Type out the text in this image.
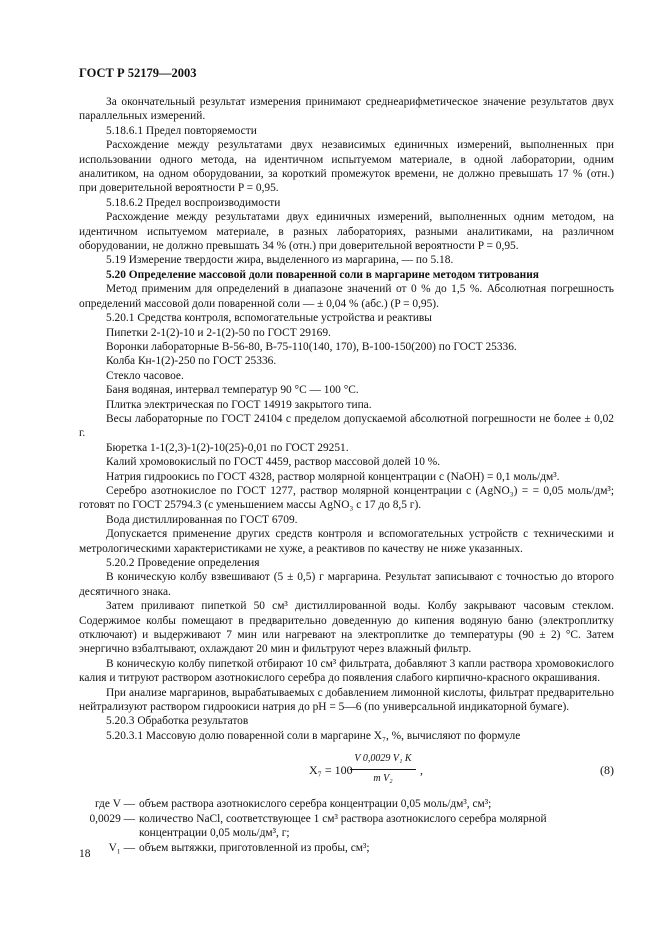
ГОСТ Р 52179—2003

За окончательный результат измерения принимают среднеарифметическое значение результатов двух параллельных измерений.

5.18.6.1 Предел повторяемости

Расхождение между результатами двух независимых единичных измерений, выполненных при использовании одного метода, на идентичном испытуемом материале, в одной лаборатории, одним аналитиком, на одном оборудовании, за короткий промежуток времени, не должно превышать 17 % (отн.) при доверительной вероятности P = 0,95.

5.18.6.2 Предел воспроизводимости

Расхождение между результатами двух единичных измерений, выполненных одним методом, на идентичном испытуемом материале, в разных лабораториях, разными аналитиками, на различном оборудовании, не должно превышать 34 % (отн.) при доверительной вероятности P = 0,95.

5.19 Измерение твердости жира, выделенного из маргарина, — по 5.18.

5.20 Определение массовой доли поваренной соли в маргарине методом титрования

Метод применим для определений в диапазоне значений от 0 % до 1,5 %. Абсолютная погрешность определений массовой доли поваренной соли — ± 0,04 % (абс.) (P = 0,95).

5.20.1 Средства контроля, вспомогательные устройства и реактивы

Пипетки 2-1(2)-10 и 2-1(2)-50 по ГОСТ 29169.

Воронки лабораторные В-56-80, В-75-110(140, 170), В-100-150(200) по ГОСТ 25336.

Колба Кн-1(2)-250 по ГОСТ 25336.

Стекло часовое.

Баня водяная, интервал температур 90 °С — 100 °С.

Плитка электрическая по ГОСТ 14919 закрытого типа.

Весы лабораторные по ГОСТ 24104 с пределом допускаемой абсолютной погрешности не более ± 0,02 г.

Бюретка 1-1(2,3)-1(2)-10(25)-0,01 по ГОСТ 29251.

Калий хромовокислый по ГОСТ 4459, раствор массовой долей 10 %.

Натрия гидроокись по ГОСТ 4328, раствор молярной концентрации c (NaOH) = 0,1 моль/дм³.

Серебро азотнокислое по ГОСТ 1277, раствор молярной концентрации c (AgNO₃) = = 0,05 моль/дм³; готовят по ГОСТ 25794.3 (с уменьшением массы AgNO₃ с 17 до 8,5 г).

Вода дистиллированная по ГОСТ 6709.

Допускается применение других средств контроля и вспомогательных устройств с техническими и метрологическими характеристиками не хуже, а реактивов по качеству не ниже указанных.

5.20.2 Проведение определения

В коническую колбу взвешивают (5 ± 0,5) г маргарина. Результат записывают с точностью до второго десятичного знака.

Затем приливают пипеткой 50 см³ дистиллированной воды. Колбу закрывают часовым стеклом. Содержимое колбы помещают в предварительно доведенную до кипения водяную баню (электроплитку отключают) и выдерживают 7 мин или нагревают на электроплитке до температуры (90 ± 2) °С. Затем энергично взбалтывают, охлаждают 20 мин и фильтруют через влажный фильтр.

В коническую колбу пипеткой отбирают 10 см³ фильтрата, добавляют 3 капли раствора хромовокислого калия и титруют раствором азотнокислого серебра до появления слабого кирпично-красного окрашивания.

При анализе маргаринов, вырабатываемых с добавлением лимонной кислоты, фильтрат предварительно нейтрализуют раствором гидроокиси натрия до pH = 5—6 (по универсальной индикаторной бумаге).

5.20.3 Обработка результатов

5.20.3.1 Массовую долю поваренной соли в маргарине X₇, %, вычисляют по формуле

X₇ = 100
$\frac{\text{V 0,0029 V₁ K}}{\text{m V₂}}$ ,	(8)
где V — объем раствора азотнокислого серебра концентрации 0,05 моль/дм³, см³;
0,0029 — количество NaCl, соответствующее 1 см³ раствора азотнокислого серебра молярной концентрации 0,05 моль/дм³, г;
V₁ — объем вытяжки, приготовленной из пробы, см³;
18
